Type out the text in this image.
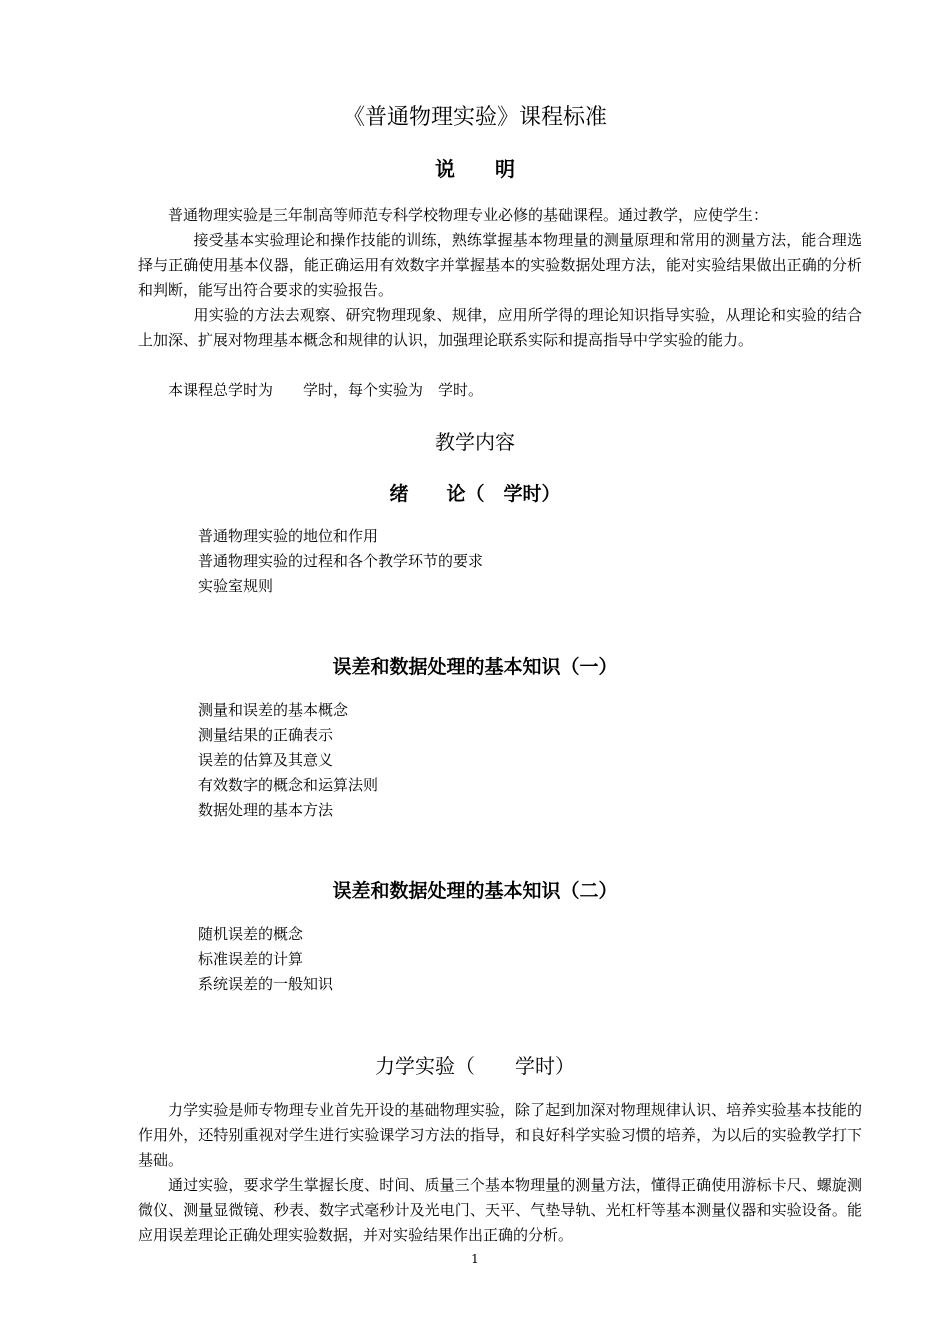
《普通物理实验》课程标准
说　　明

普通物理实验是三年制高等师范专科学校物理专业必修的基础课程。通过教学，应使学生：

接受基本实验理论和操作技能的训练，熟练掌握基本物理量的测量原理和常用的测量方法，能合理选择与正确使用基本仪器，能正确运用有效数字并掌握基本的实验数据处理方法，能对实验结果做出正确的分析和判断，能写出符合要求的实验报告。

用实验的方法去观察、研究物理现象、规律，应用所学得的理论知识指导实验，从理论和实验的结合上加深、扩展对物理基本概念和规律的认识，加强理论联系实际和提高指导中学实验的能力。

本课程总学时为　　学时，每个实验为　学时。

教学内容
绪　　论（　学时）
普通物理实验的地位和作用
普通物理实验的过程和各个教学环节的要求
实验室规则
误差和数据处理的基本知识（一）
测量和误差的基本概念
测量结果的正确表示
误差的估算及其意义
有效数字的概念和运算法则
数据处理的基本方法
误差和数据处理的基本知识（二）
随机误差的概念
标准误差的计算
系统误差的一般知识
力学实验（　　学时）

力学实验是师专物理专业首先开设的基础物理实验，除了起到加深对物理规律认识、培养实验基本技能的作用外，还特别重视对学生进行实验课学习方法的指导，和良好科学实验习惯的培养，为以后的实验教学打下基础。

通过实验，要求学生掌握长度、时间、质量三个基本物理量的测量方法，懂得正确使用游标卡尺、螺旋测微仪、测量显微镜、秒表、数字式毫秒计及光电门、天平、气垫导轨、光杠杆等基本测量仪器和实验设备。能应用误差理论正确处理实验数据，并对实验结果作出正确的分析。

1
